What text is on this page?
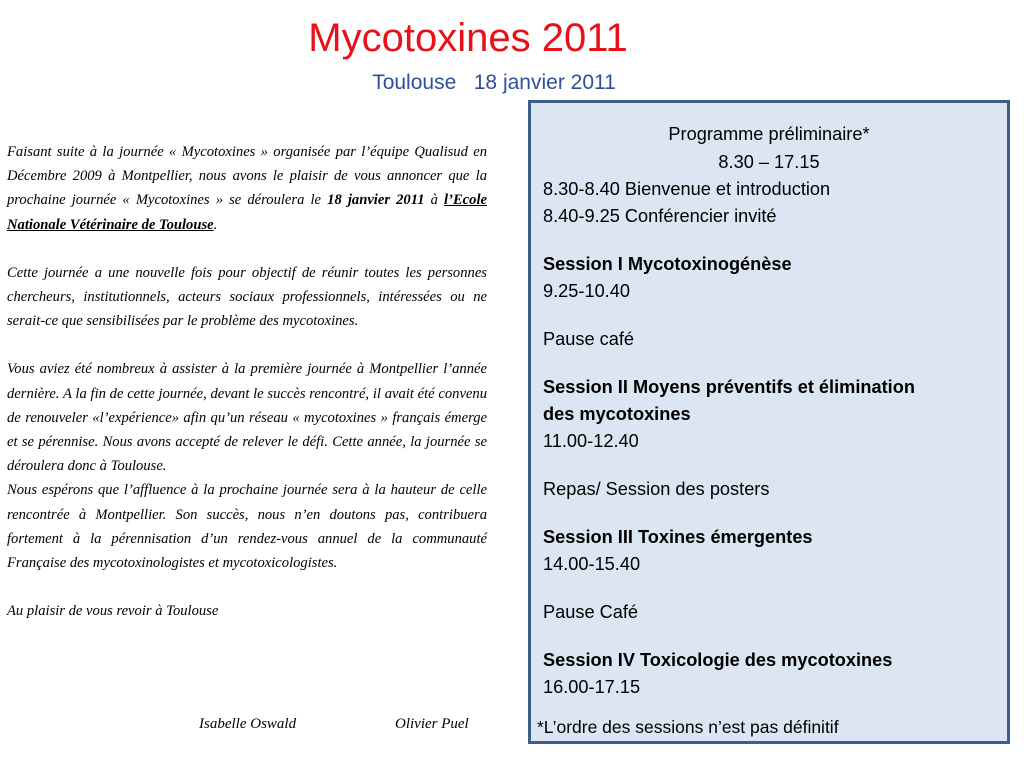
Mycotoxines 2011
Toulouse   18 janvier 2011

Faisant suite à la journée « Mycotoxines » organisée par l’équipe Qualisud en Décembre 2009 à Montpellier, nous avons le plaisir de vous annoncer que la prochaine journée « Mycotoxines » se déroulera le 18 janvier 2011 à l’Ecole Nationale Vétérinaire de Toulouse.

Cette journée a une nouvelle fois pour objectif de réunir toutes les personnes chercheurs, institutionnels, acteurs sociaux professionnels, intéressées ou ne serait-ce que sensibilisées par le problème des mycotoxines.

Vous aviez été nombreux à assister à la première journée à Montpellier l’année dernière. A la fin de cette journée, devant le succès rencontré, il avait été convenu de renouveler «l’expérience» afin qu’un réseau « mycotoxines » français émerge et se pérennise. Nous avons accepté de relever le défi. Cette année, la journée se déroulera donc à Toulouse.

Nous espérons que l’affluence à la prochaine journée sera à la hauteur de celle rencontrée à Montpellier. Son succès, nous n’en doutons pas, contribuera fortement à la pérennisation d’un rendez-vous annuel de la communauté Française des mycotoxinologistes et mycotoxicologistes.

Au plaisir de vous revoir à Toulouse

Isabelle Oswald	Olivier Puel
Programme préliminaire*
8.30 – 17.15
8.30-8.40 Bienvenue et introduction
8.40-9.25 Conférencier invité
Session I Mycotoxinogénèse
9.25-10.40
Pause café
Session II Moyens préventifs et élimination
des mycotoxines
11.00-12.40
Repas/ Session des posters
Session III Toxines émergentes
14.00-15.40
Pause Café
Session IV Toxicologie des mycotoxines
16.00-17.15
*L’ordre des sessions n’est pas définitif
